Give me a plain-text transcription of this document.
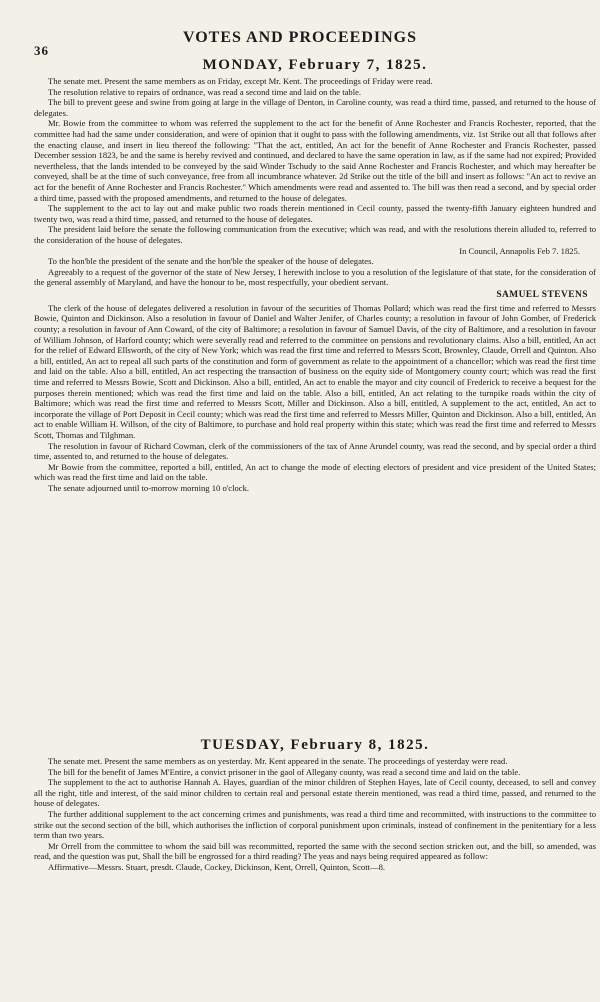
36
VOTES AND PROCEEDINGS
MONDAY, February 7, 1825.

The senate met. Present the same members as on Friday, except Mr. Kent. The proceedings of Friday were read.

The resolution relative to repairs of ordnance, was read a second time and laid on the table.

The bill to prevent geese and swine from going at large in the village of Denton, in Caroline county, was read a third time, passed, and returned to the house of delegates.

Mr. Bowie from the committee to whom was referred the supplement to the act for the benefit of Anne Rochester and Francis Rochester, reported, that the committee had had the same under consideration, and were of opinion that it ought to pass with the following amendments, viz. 1st Strike out all that follows after the enacting clause, and insert in lieu thereof the following: "That the act, entitled, An act for the benefit of Anne Rochester and Francis Rochester, passed December session 1823, be and the same is hereby revived and continued, and declared to have the same operation in law, as if the same had not expired; Provided nevertheless, that the lands intended to be conveyed by the said Winder Tschudy to the said Anne Rochester and Francis Rochester, and which may hereafter be conveyed, shall be at the time of such conveyance, free from all incumbrance whatever. 2d Strike out the title of the bill and insert as follows: "An act to revive an act for the benefit of Anne Rochester and Francis Rochester." Which amendments were read and assented to. The bill was then read a second, and by special order a third time, passed with the proposed amendments, and returned to the house of delegates.

The supplement to the act to lay out and make public two roads therein mentioned in Cecil county, passed the twenty-fifth January eighteen hundred and twenty two, was read a third time, passed, and returned to the house of delegates.

The president laid before the senate the following communication from the executive; which was read, and with the resolutions therein alluded to, referred to the consideration of the house of delegates.

In Council, Annapolis Feb 7. 1825.

To the hon'ble the president of the senate and the hon'ble the speaker of the house of delegates.

Agreeably to a request of the governor of the state of New Jersey, I herewith inclose to you a resolution of the legislature of that state, for the consideration of the general assembly of Maryland, and have the honour to be, most respectfully, your obedient servant.

SAMUEL STEVENS

The clerk of the house of delegates delivered a resolution in favour of the securities of Thomas Pollard; which was read the first time and referred to Messrs Bowie, Quinton and Dickinson. Also a resolution in favour of Daniel and Walter Jenifer, of Charles county; a resolution in favour of John Gomber, of Frederick county; a resolution in favour of Ann Coward, of the city of Baltimore; a resolution in favour of Samuel Davis, of the city of Baltimore, and a resolution in favour of William Johnson, of Harford county; which were severally read and referred to the committee on pensions and revolutionary claims. Also a bill, entitled, An act for the relief of Edward Ellsworth, of the city of New York; which was read the first time and referred to Messrs Scott, Brownley, Claude, Orrell and Quinton. Also a bill, entitled, An act to repeal all such parts of the constitution and form of government as relate to the appointment of a chancellor; which was read the first time and laid on the table. Also a bill, entitled, An act respecting the transaction of business on the equity side of Montgomery county court; which was read the first time and referred to Messrs Bowie, Scott and Dickinson. Also a bill, entitled, An act to enable the mayor and city council of Frederick to receive a bequest for the purposes therein mentioned; which was read the first time and laid on the table. Also a bill, entitled, An act relating to the turnpike roads within the city of Baltimore; which was read the first time and referred to Messrs Scott, Miller and Dickinson. Also a bill, entitled, A supplement to the act, entitled, An act to incorporate the village of Port Deposit in Cecil county; which was read the first time and referred to Messrs Miller, Quinton and Dickinson. Also a bill, entitled, An act to enable William H. Willson, of the city of Baltimore, to purchase and hold real property within this state; which was read the first time and referred to Messrs Scott, Thomas and Tilghman.

The resolution in favour of Richard Cowman, clerk of the commissioners of the tax of Anne Arundel county, was read the second, and by special order a third time, assented to, and returned to the house of delegates.

Mr Bowie from the committee, reported a bill, entitled, An act to change the mode of electing electors of president and vice president of the United States; which was read the first time and laid on the table.

The senate adjourned until to-morrow morning 10 o'clock.

TUESDAY, February 8, 1825.

The senate met. Present the same members as on yesterday. Mr. Kent appeared in the senate. The proceedings of yesterday were read.

The bill for the benefit of James M'Entire, a convict prisoner in the gaol of Allegany county, was read a second time and laid on the table.

The supplement to the act to authorise Hannah A. Hayes, guardian of the minor children of Stephen Hayes, late of Cecil county, deceased, to sell and convey all the right, title and interest, of the said minor children to certain real and personal estate therein mentioned, was read a third time, passed, and returned to the house of delegates.

The further additional supplement to the act concerning crimes and punishments, was read a third time and recommitted, with instructions to the committee to strike out the second section of the bill, which authorises the infliction of corporal punishment upon criminals, instead of confinement in the penitentiary for a less term than two years.

Mr Orrell from the committee to whom the said bill was recommitted, reported the same with the second section stricken out, and the bill, so amended, was read, and the question was put, Shall the bill be engrossed for a third reading? The yeas and nays being required appeared as follow:

Affirmative—Messrs. Stuart, presdt. Claude, Cockey, Dickinson, Kent, Orrell, Quinton, Scott—8.
